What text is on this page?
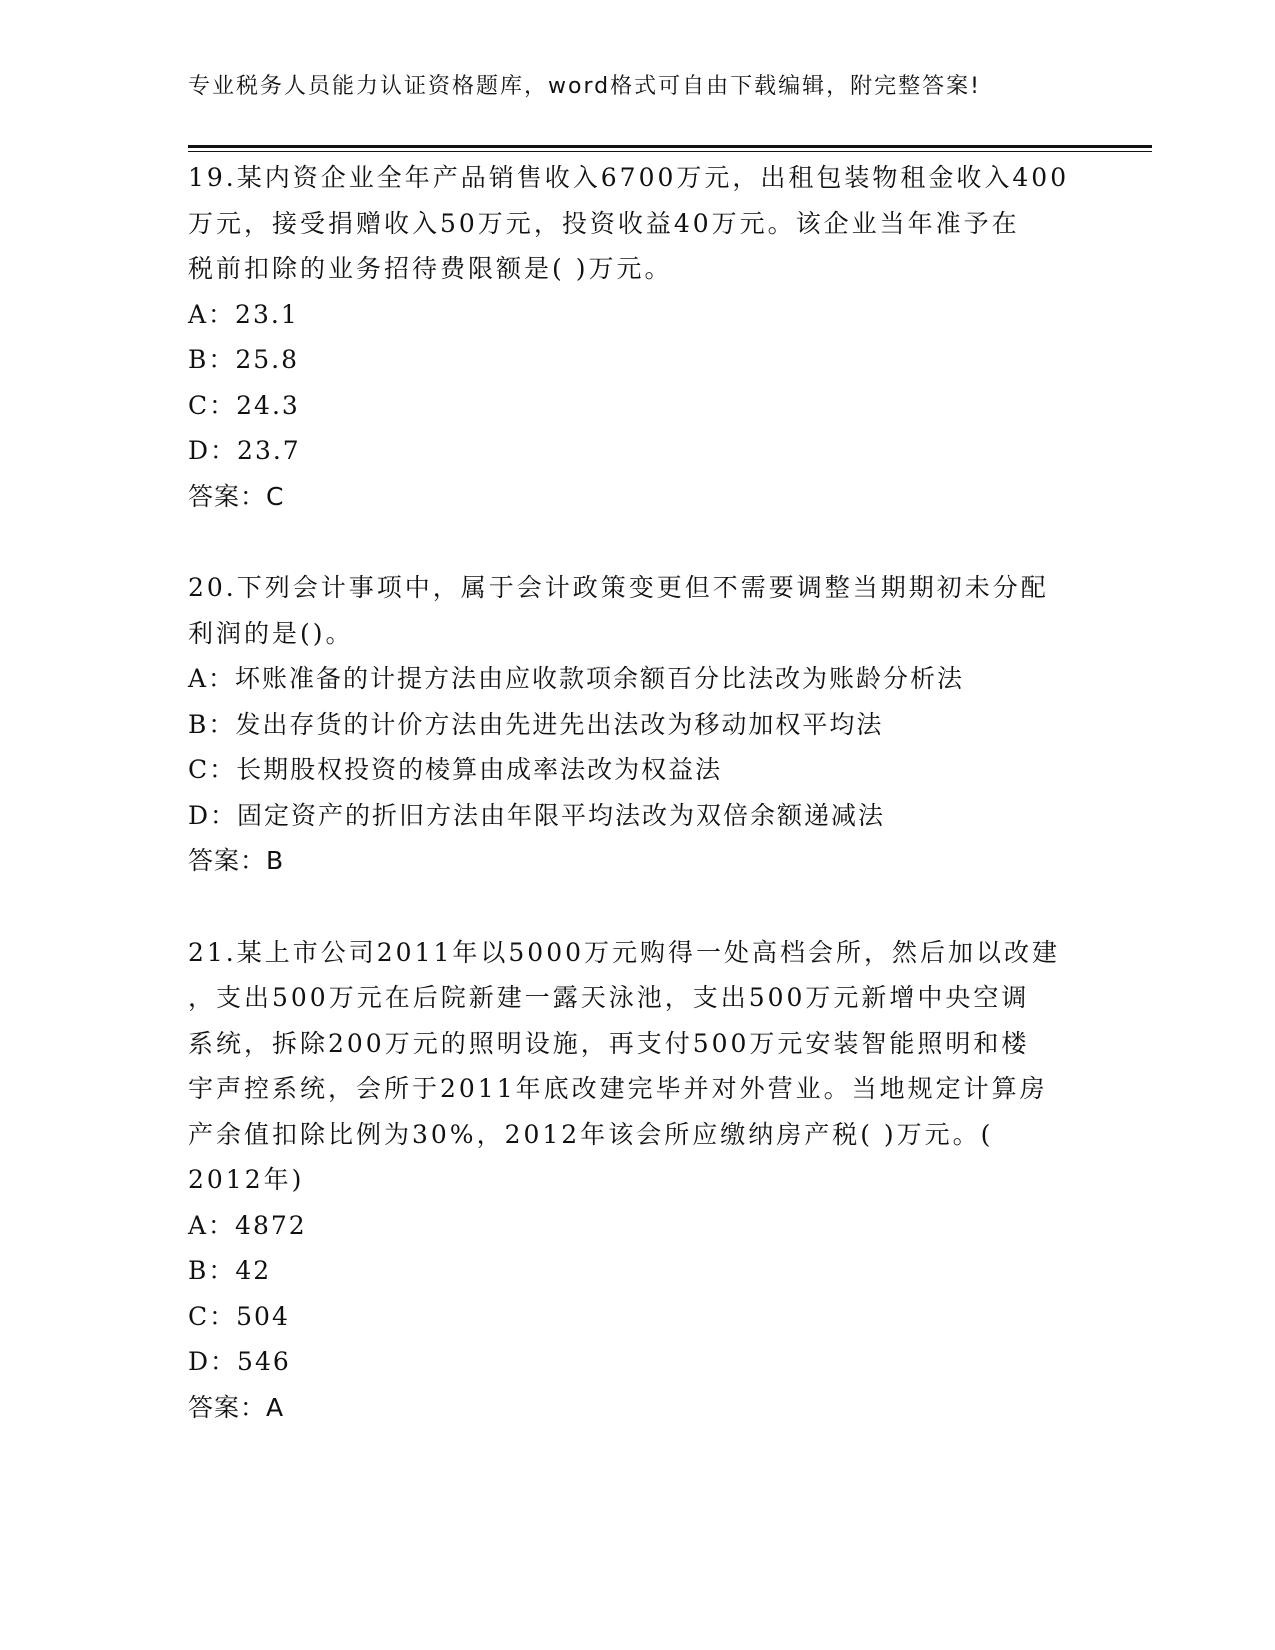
专业税务人员能力认证资格题库，word格式可自由下载编辑，附完整答案!
19.某内资企业全年产品销售收入6700万元，出租包装物租金收入400
万元，接受捐赠收入50万元，投资收益40万元。该企业当年准予在
税前扣除的业务招待费限额是( )万元。
A：23.1
B：25.8
C：24.3
D：23.7
答案：C
20.下列会计事项中，属于会计政策变更但不需要调整当期期初未分配
利润的是()。
A：坏账准备的计提方法由应收款项余额百分比法改为账龄分析法
B：发出存货的计价方法由先进先出法改为移动加权平均法
C：长期股权投资的棱算由成率法改为权益法
D：固定资产的折旧方法由年限平均法改为双倍余额递减法
答案：B
21.某上市公司2011年以5000万元购得一处高档会所，然后加以改建
，支出500万元在后院新建一露天泳池，支出500万元新增中央空调
系统，拆除200万元的照明设施，再支付500万元安装智能照明和楼
宇声控系统，会所于2011年底改建完毕并对外营业。当地规定计算房
产余值扣除比例为30%，2012年该会所应缴纳房产税( )万元。(
2012年)
A：4872
B：42
C：504
D：546
答案：A
